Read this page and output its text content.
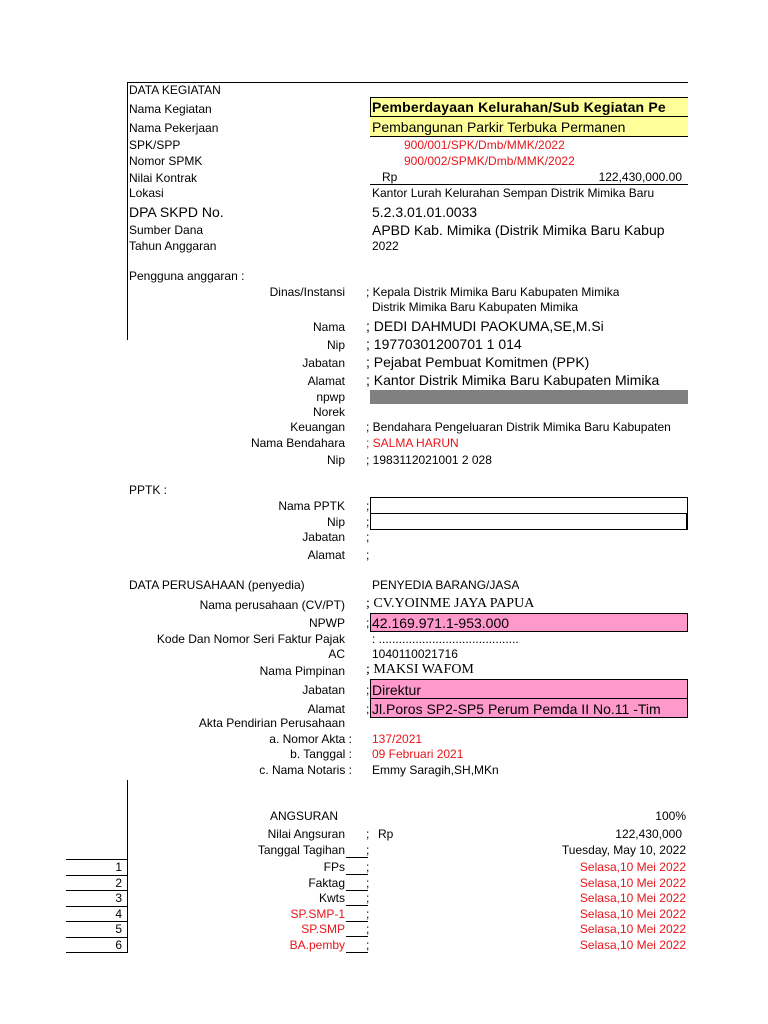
DATA KEGIATAN
Nama Kegiatan	Pemberdayaan Kelurahan/Sub Kegiatan Pe
Nama Pekerjaan	Pembangunan Parkir Terbuka Permanen
SPK/SPP	900/001/SPK/Dmb/MMK/2022
Nomor SPMK	900/002/SPMK/Dmb/MMK/2022
Nilai Kontrak	Rp	122,430,000.00
Lokasi	Kantor Lurah Kelurahan Sempan Distrik Mimika Baru
DPA SKPD No.	5.2.3.01.01.0033
Sumber Dana	APBD Kab. Mimika (Distrik Mimika Baru Kabup
Tahun Anggaran	2022
Pengguna anggaran :
Dinas/Instansi ; Kepala Distrik Mimika Baru Kabupaten Mimika
Distrik Mimika Baru Kabupaten Mimika
Nama ; DEDI DAHMUDI PAOKUMA,SE,M.Si
Nip ; 19770301200701 1 014
Jabatan ; Pejabat Pembuat Komitmen (PPK)
Alamat ; Kantor Distrik Mimika Baru Kabupaten Mimika
npwp
Norek
Keuangan ; Bendahara Pengeluaran Distrik Mimika Baru Kabupaten
Nama Bendahara ; SALMA HARUN
Nip ; 1983112021001 2 028
PPTK :
Nama PPTK ;
Nip ;
Jabatan ;
Alamat ;
DATA PERUSAHAAN (penyedia)	PENYEDIA BARANG/JASA
Nama perusahaan (CV/PT) ; CV.YOINME JAYA PAPUA
NPWP ; 42.169.971.1-953.000
Kode Dan Nomor Seri Faktur Pajak : ..........................................
AC 1040110021716
Nama Pimpinan ; MAKSI WAFOM
Jabatan ; Direktur
Alamat ; Jl.Poros SP2-SP5 Perum Pemda II No.11 -Tim
Akta Pendirian Perusahaan
a. Nomor Akta : 137/2021
b. Tanggal : 09 Februari 2021
c. Nama Notaris : Emmy Saragih,SH,MKn
ANGSURAN	100%
Nilai Angsuran ; Rp	122,430,000
Tanggal Tagihan ;	Tuesday, May 10, 2022
1	FPs ;	Selasa,10 Mei 2022
2	Faktag ;	Selasa,10 Mei 2022
3	Kwts ;	Selasa,10 Mei 2022
4	SP.SMP-1 ;	Selasa,10 Mei 2022
5	SP.SMP ;	Selasa,10 Mei 2022
6	BA.pemby ;	Selasa,10 Mei 2022
